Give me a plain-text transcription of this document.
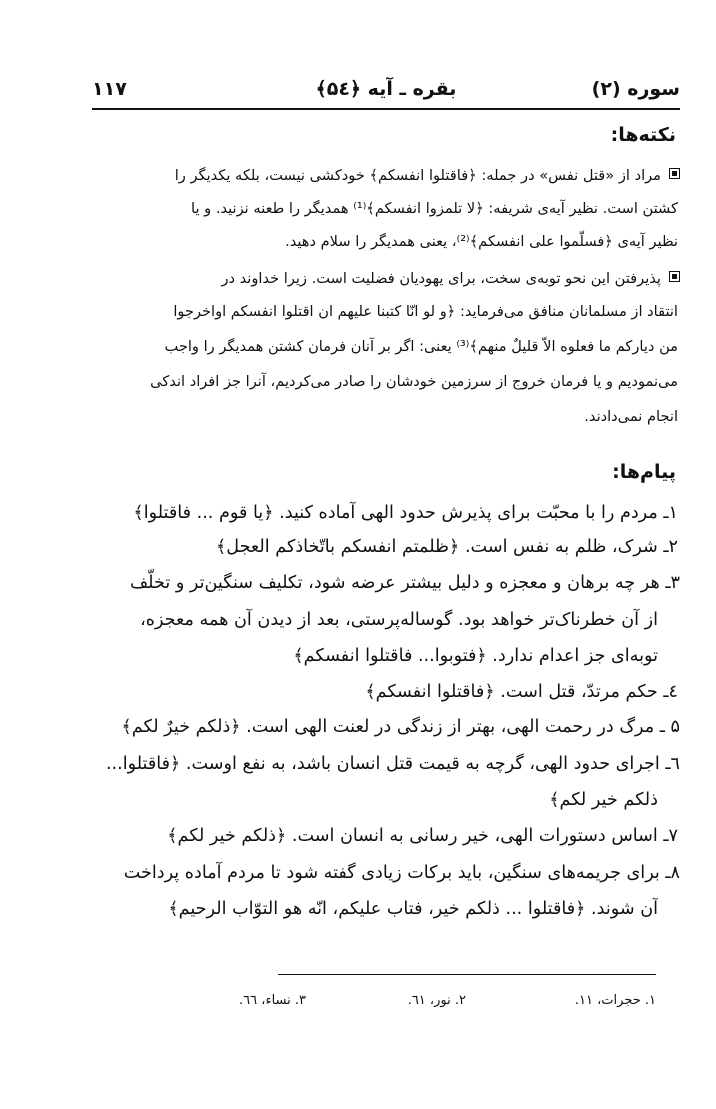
سوره (۲)
بقره ـ آیه ﴿۵٤﴾
۱۱۷
نکته‌ها:
مراد از «قتل نفس» در جمله: ﴿فاقتلوا انفسکم﴾ خودکشی نیست، بلکه یکدیگر را
کشتن است. نظیر آیه‌ی شریفه: ﴿لا تلمزوا انفسکم﴾⁽¹⁾ همدیگر را طعنه نزنید. و یا
نظیر آیه‌ی ﴿فسلّموا علی انفسکم﴾⁽²⁾، یعنی همدیگر را سلام دهید.
پذیرفتن این نحو توبه‌ی سخت، برای یهودیان فضلیت است. زیرا خداوند در
انتقاد از مسلمانان منافق می‌فرماید: ﴿و لو انّا کتبنا علیهم ان اقتلوا انفسکم اواخرجوا
من دیارکم ما فعلوه الاّ قلیلٌ منهم﴾⁽³⁾ یعنی: اگر بر آنان فرمان کشتن همدیگر را واجب
می‌نمودیم و یا فرمان خروج از سرزمین خودشان را صادر می‌کردیم، آنرا جز افراد اندکی
انجام نمی‌دادند.
پیام‌ها:
۱ـ مردم را با محبّت برای پذیرش حدود الهی آماده کنید. ﴿یا قوم ... فاقتلوا﴾
۲ـ شرک، ظلم به نفس است. ﴿ظلمتم انفسکم باتّخاذکم العجل﴾
۳ـ هر چه برهان و معجزه و دلیل بیشتر عرضه شود، تکلیف سنگین‌تر و تخلّف
از آن خطرناک‌تر خواهد بود. گوساله‌پرستی، بعد از دیدن آن همه معجزه،
توبه‌ای جز اعدام ندارد. ﴿فتوبوا... فاقتلوا انفسکم﴾
٤ـ حکم مرتدّ، قتل است. ﴿فاقتلوا انفسکم﴾
۵ ـ مرگ در رحمت الهی، بهتر از زندگی در لعنت الهی است. ﴿ذلکم خیرٌ لکم﴾
٦ـ اجرای حدود الهی، گرچه به قیمت قتل انسان باشد، به نفع اوست. ﴿فاقتلوا...
ذلکم خیر لکم﴾
۷ـ اساس دستورات الهی، خیر رسانی به انسان است. ﴿ذلکم خیر لکم﴾
۸ـ برای جریمه‌های سنگین، باید برکات زیادی گفته شود تا مردم آماده پرداخت
آن شوند. ﴿فاقتلوا ... ذلکم خیر، فتاب علیکم، انّه هو التوّاب الرحیم﴾
۱. حجرات، ۱۱.
۲. نور، ٦۱.
۳. نساء، ٦٦.
